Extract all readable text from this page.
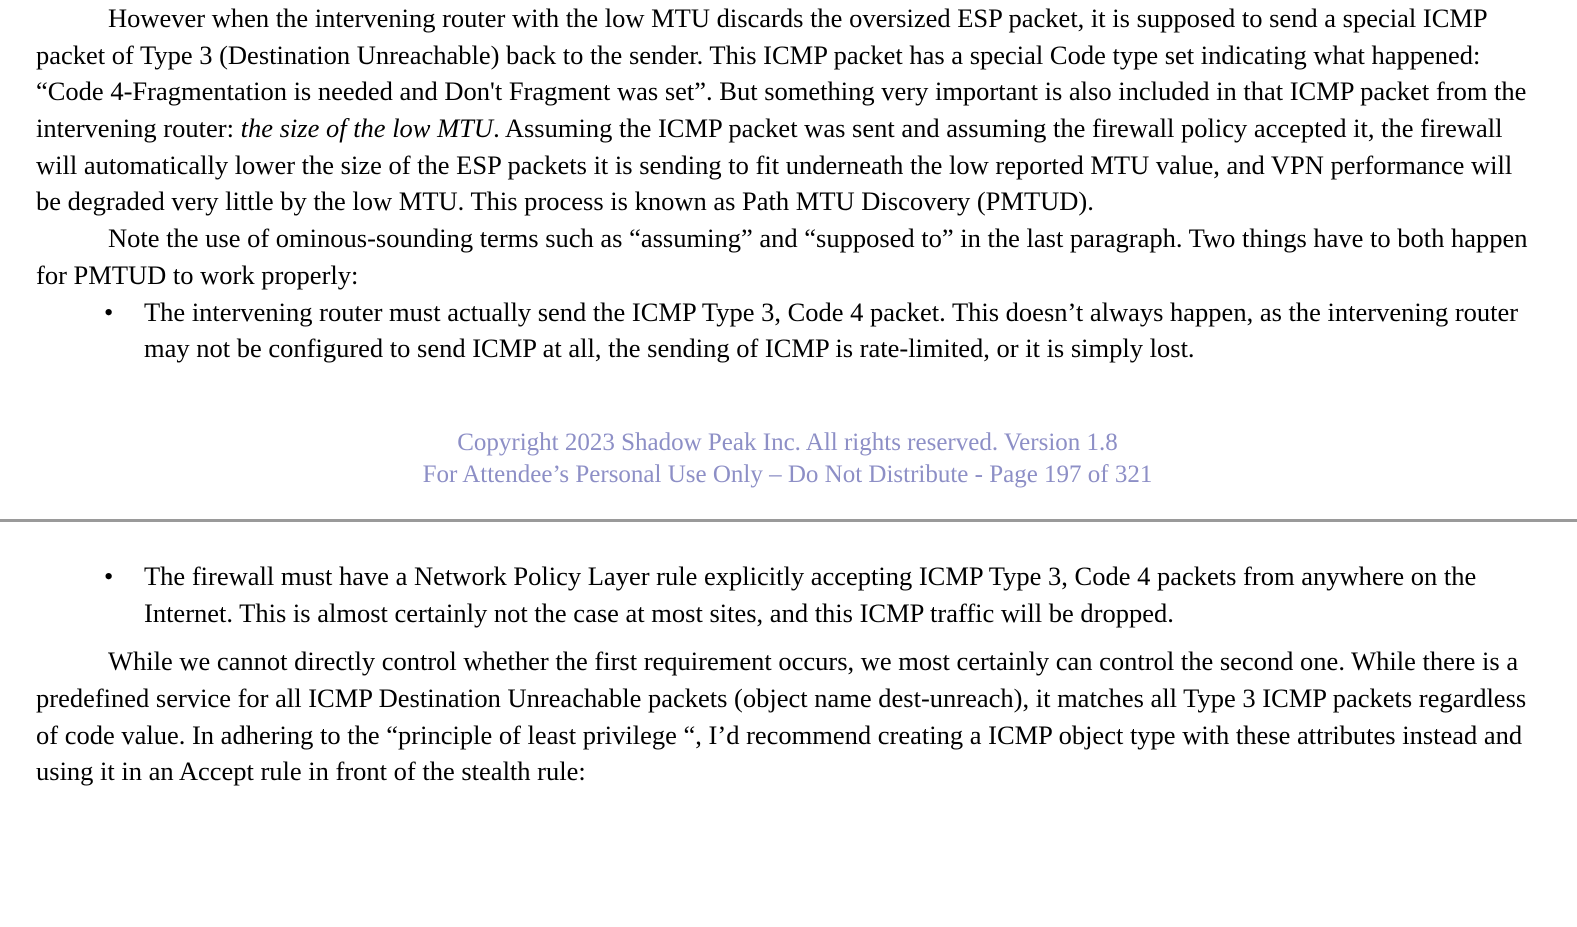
However when the intervening router with the low MTU discards the oversized ESP packet, it is supposed to send a special ICMP packet of Type 3 (Destination Unreachable) back to the sender. This ICMP packet has a special Code type set indicating what happened: “Code 4-Fragmentation is needed and Don't Fragment was set”. But something very important is also included in that ICMP packet from the intervening router: the size of the low MTU. Assuming the ICMP packet was sent and assuming the firewall policy accepted it, the firewall will automatically lower the size of the ESP packets it is sending to fit underneath the low reported MTU value, and VPN performance will be degraded very little by the low MTU. This process is known as Path MTU Discovery (PMTUD).

Note the use of ominous-sounding terms such as “assuming” and “supposed to” in the last paragraph. Two things have to both happen for PMTUD to work properly:

• The intervening router must actually send the ICMP Type 3, Code 4 packet. This doesn’t always happen, as the intervening router may not be configured to send ICMP at all, the sending of ICMP is rate-limited, or it is simply lost.
Copyright 2023 Shadow Peak Inc. All rights reserved. Version 1.8
For Attendee’s Personal Use Only – Do Not Distribute - Page 197 of 321
• The firewall must have a Network Policy Layer rule explicitly accepting ICMP Type 3, Code 4 packets from anywhere on the Internet. This is almost certainly not the case at most sites, and this ICMP traffic will be dropped.

While we cannot directly control whether the first requirement occurs, we most certainly can control the second one. While there is a predefined service for all ICMP Destination Unreachable packets (object name dest-unreach), it matches all Type 3 ICMP packets regardless of code value. In adhering to the “principle of least privilege “, I’d recommend creating a ICMP object type with these attributes instead and using it in an Accept rule in front of the stealth rule:
